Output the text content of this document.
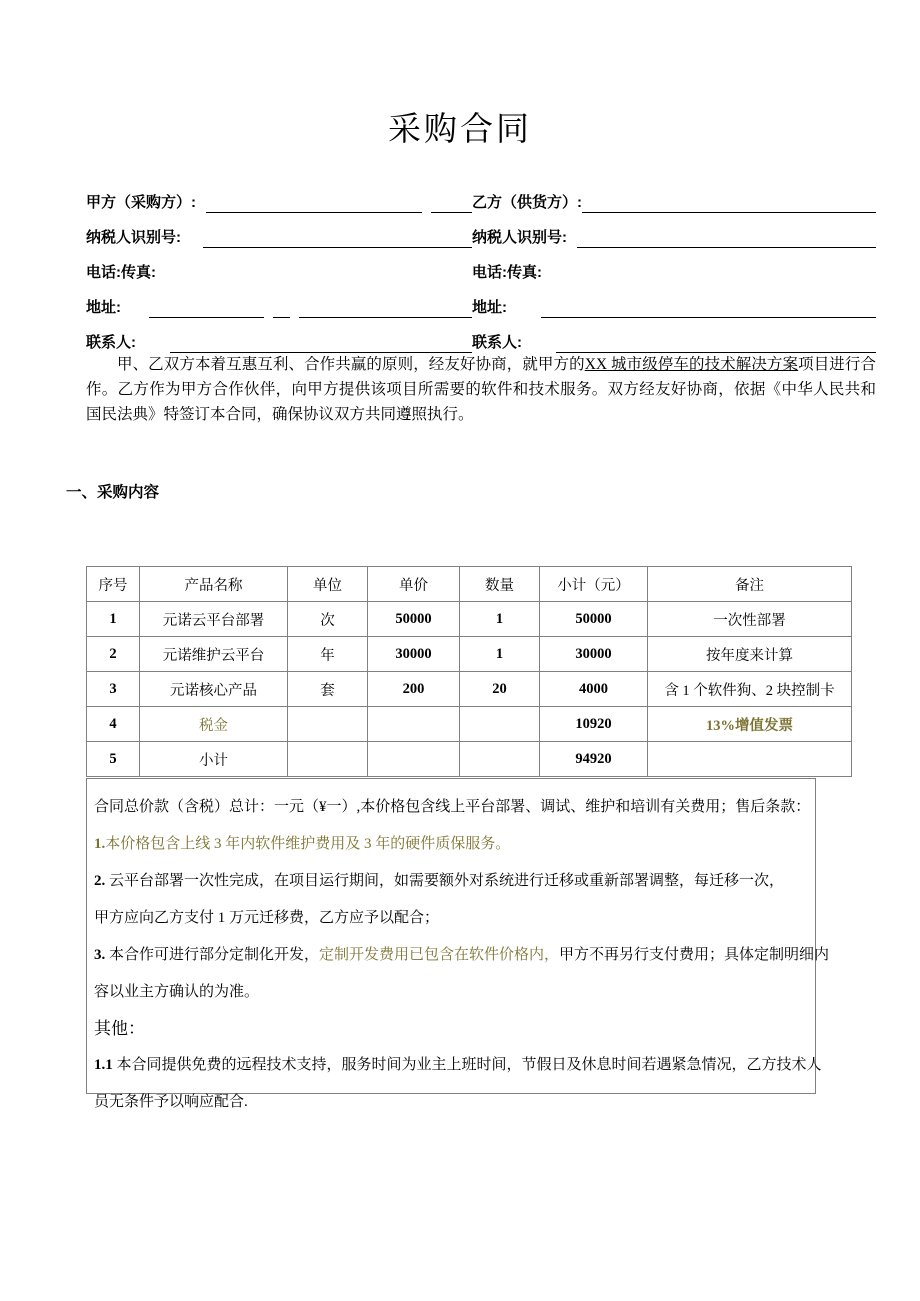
采购合同
甲方（采购方）:	乙方（供货方）:
纳税人识别号:	纳税人识别号:
电话:传真:	电话:传真:
地址:	地址:
联系人:	联系人:
甲、乙双方本着互惠互利、合作共赢的原则，经友好协商，就甲方的XX 城市级停车的技术解决方案项目进行合作。乙方作为甲方合作伙伴，向甲方提供该项目所需要的软件和技术服务。双方经友好协商，依据《中华人民共和国民法典》特签订本合同，确保协议双方共同遵照执行。
一、采购内容
序号	产品名称	单位	单价	数量	小计（元）	备注
1	元诺云平台部署	次	50000	1	50000	一次性部署
2	元诺维护云平台	年	30000	1	30000	按年度来计算
3	元诺核心产品	套	200	20	4000	含 1 个软件狗、2 块控制卡
4	税金				10920	13%增值发票
5	小计				94920	
合同总价款（含税）总计：一元（¥一）,本价格包含线上平台部署、调试、维护和培训有关费用；售后条款：
1.本价格包含上线 3 年内软件维护费用及 3 年的硬件质保服务。
2. 云平台部署一次性完成，在项目运行期间，如需要额外对系统进行迁移或重新部署调整，每迁移一次，
甲方应向乙方支付 1 万元迁移费，乙方应予以配合；
3. 本合作可进行部分定制化开发，定制开发费用已包含在软件价格内，甲方不再另行支付费用；具体定制明细内
容以业主方确认的为准。
其他：
1.1 本合同提供免费的远程技术支持，服务时间为业主上班时间，节假日及休息时间若遇紧急情况，乙方技术人
员无条件予以响应配合.
